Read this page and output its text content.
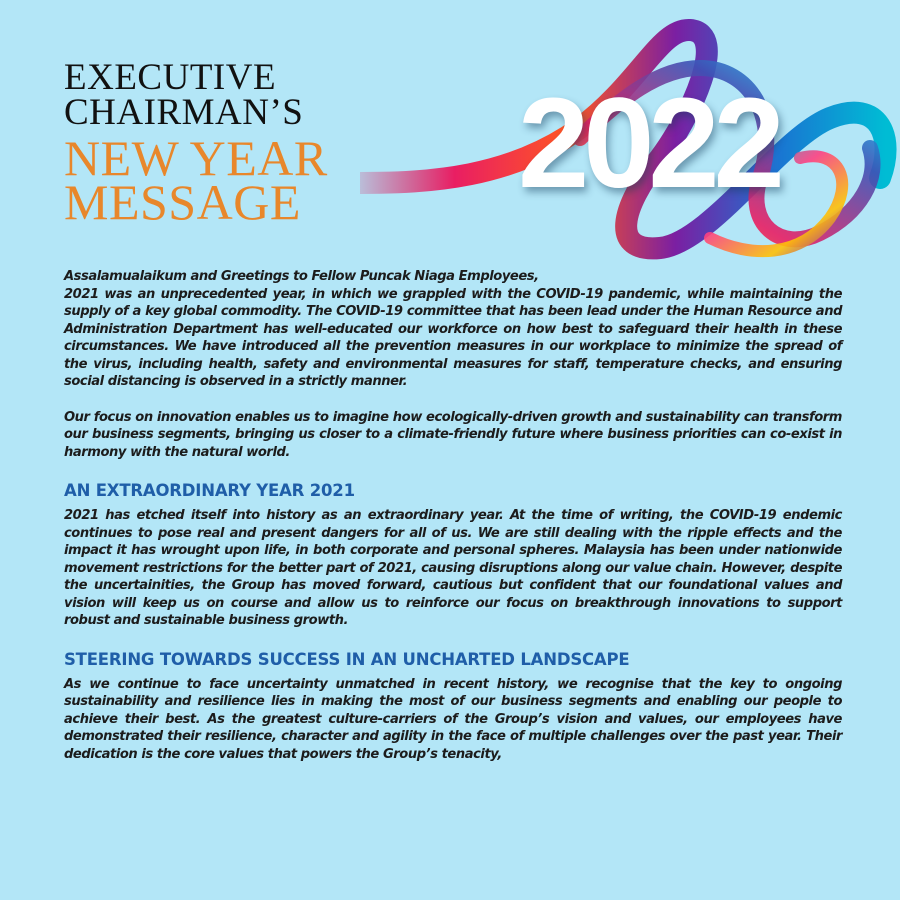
EXECUTIVE
CHAIRMAN’S
NEW YEAR
MESSAGE 2022

Assalamualaikum and Greetings to Fellow Puncak Niaga Employees,

2021 was an unprecedented year, in which we grappled with the COVID-19 pandemic, while maintaining the supply of a key global commodity. The COVID-19 committee that has been lead under the Human Resource and Administration Department has well-educated our workforce on how best to safeguard their health in these circumstances. We have introduced all the prevention measures in our workplace to minimize the spread of the virus, including health, safety and environmental measures for staff, temperature checks, and ensuring social distancing is observed in a strictly manner.

Our focus on innovation enables us to imagine how ecologically-driven growth and sustainability can transform our business segments, bringing us closer to a climate-friendly future where business priorities can co-exist in harmony with the natural world.

AN EXTRAORDINARY YEAR 2021

2021 has etched itself into history as an extraordinary year. At the time of writing, the COVID-19 endemic continues to pose real and present dangers for all of us. We are still dealing with the ripple effects and the impact it has wrought upon life, in both corporate and personal spheres. Malaysia has been under nationwide movement restrictions for the better part of 2021, causing disruptions along our value chain. However, despite the uncertainities, the Group has moved forward, cautious but confident that our foundational values and vision will keep us on course and allow us to reinforce our focus on breakthrough innovations to support robust and sustainable business growth.

STEERING TOWARDS SUCCESS IN AN UNCHARTED LANDSCAPE

As we continue to face uncertainty unmatched in recent history, we recognise that the key to ongoing sustainability and resilience lies in making the most of our business segments and enabling our people to achieve their best. As the greatest culture-carriers of the Group’s vision and values, our employees have demonstrated their resilience, character and agility in the face of multiple challenges over the past year. Their dedication is the core values that powers the Group’s tenacity,
